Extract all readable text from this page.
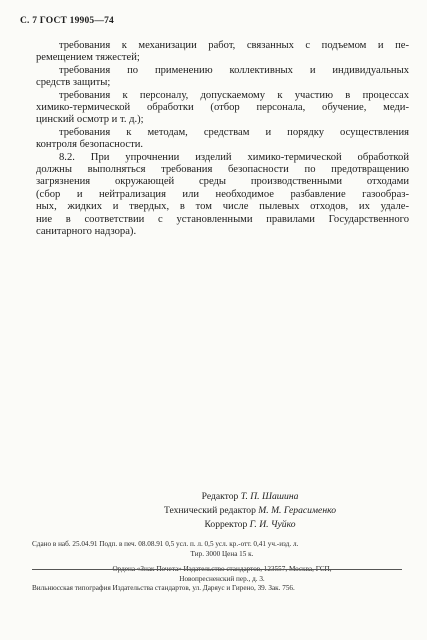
С. 7 ГОСТ 19905—74
требования к механизации работ, связанных с подъемом и пе-
ремещением тяжестей;
требования по применению коллективных и индивидуальных
средств защиты;
требования к персоналу, допускаемому к участию в процессах
химико-термической обработки (отбор персонала, обучение, меди-
цинский осмотр и т. д.);
требования к методам, средствам и порядку осуществления
контроля безопасности.
8.2. При упрочнении изделий химико-термической обработкой
должны выполняться требования безопасности по предотвращению
загрязнения окружающей среды производственными отходами
(сбор и нейтрализация или необходимое разбавление газообраз-
ных, жидких и твердых, в том числе пылевых отходов, их удале-
ние в соответствии с установленными правилами Государственного
санитарного надзора).
Редактор Т. П. Шашина
Технический редактор М. М. Герасименко
Корректор Г. И. Чуйко
Сдано в наб. 25.04.91 Подп. в печ. 08.08.91 0,5 усл. п. л. 0,5 усл. кр.-отт. 0,41 уч.-изд. л.
Тир. 3000 Цена 15 к.
Ордена «Знак Почета» Издательство стандартов, 123557, Москва, ГСП,
Новопресненский пер., д. 3.
Вильнюсская типография Издательства стандартов, ул. Даряус и Гирено, 39. Зак. 756.
